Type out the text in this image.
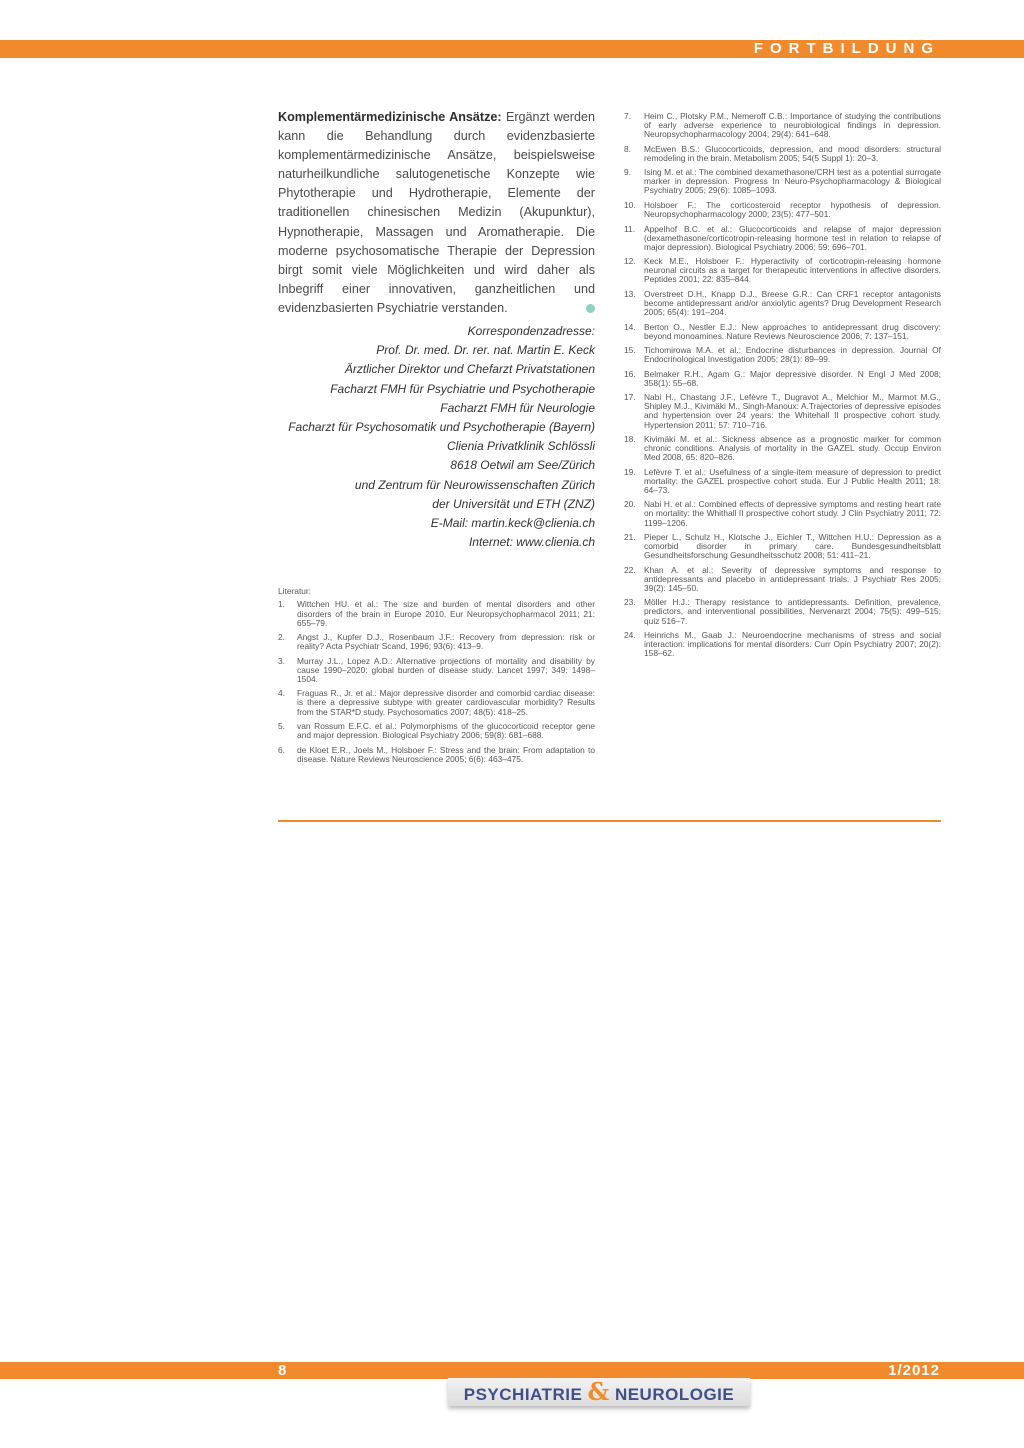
FORTBILDUNG

Komplementärmedizinische Ansätze: Ergänzt werden kann die Behandlung durch evidenzbasierte komplementärmedizinische Ansätze, beispielsweise naturheilkundliche salutogenetische Konzepte wie Phytotherapie und Hydrotherapie, Elemente der traditionellen chinesischen Medizin (Akupunktur), Hypnotherapie, Massagen und Aromatherapie. Die moderne psychosomatische Therapie der Depression birgt somit viele Möglichkeiten und wird daher als Inbegriff einer innovativen, ganzheitlichen und evidenzbasierten Psychiatrie verstanden.

Korrespondenzadresse:
Prof. Dr. med. Dr. rer. nat. Martin E. Keck
Ärztlicher Direktor und Chefarzt Privatstationen
Facharzt FMH für Psychiatrie und Psychotherapie
Facharzt FMH für Neurologie
Facharzt für Psychosomatik und Psychotherapie (Bayern)
Clienia Privatklinik Schlössli
8618 Oetwil am See/Zürich
und Zentrum für Neurowissenschaften Zürich
der Universität und ETH (ZNZ)
E-Mail: martin.keck@clienia.ch
Internet: www.clienia.ch
Literatur:
1. Wittchen HU. et al.: The size and burden of mental disorders and other disorders of the brain in Europe 2010. Eur Neuropsychopharmacol 2011; 21: 655–79.
2. Angst J., Kupfer D.J., Rosenbaum J.F.: Recovery from depression: risk or reality? Acta Psychiatr Scand, 1996; 93(6): 413–9.
3. Murray J.L., Lopez A.D.: Alternative projections of mortality and disability by cause 1990–2020: global burden of disease study. Lancet 1997; 349: 1498–1504.
4. Fraguas R., Jr. et al.: Major depressive disorder and comorbid cardiac disease: is there a depressive subtype with greater cardiovascular morbidity? Results from the STAR*D study. Psychosomatics 2007; 48(5): 418–25.
5. van Rossum E.F.C. et al.: Polymorphisms of the glucocorticoid receptor gene and major depression. Biological Psychiatry 2006; 59(8): 681–688.
6. de Kloet E.R., Joels M., Holsboer F.: Stress and the brain: From adaptation to disease. Nature Reviews Neuroscience 2005; 6(6): 463–475.
7. Heim C., Plotsky P.M., Nemeroff C.B.: Importance of studying the contributions of early adverse experience to neurobiological findings in depression. Neuropsychopharmacology 2004; 29(4): 641–648.
8. McEwen B.S.: Glucocorticoids, depression, and mood disorders: structural remodeling in the brain. Metabolism 2005; 54(5 Suppl 1): 20–3.
9. Ising M. et al.: The combined dexamethasone/CRH test as a potential surrogate marker in depression. Progress In Neuro-Psychopharmacology & Biological Psychiatry 2005; 29(6): 1085–1093.
10. Holsboer F.: The corticosteroid receptor hypothesis of depression. Neuropsychopharmacology 2000; 23(5): 477–501.
11. Appelhof B.C. et al.: Glucocorticoids and relapse of major depression (dexamethasone/corticotropin-releasing hormone test in relation to relapse of major depression). Biological Psychiatry 2006; 59: 696–701.
12. Keck M.E., Holsboer F.: Hyperactivity of corticotropin-releasing hormone neuronal circuits as a target for therapeutic interventions in affective disorders. Peptides 2001; 22: 835–844.
13. Overstreet D.H., Knapp D.J., Breese G.R.: Can CRF1 receptor antagonists become antidepressant and/or anxiolytic agents? Drug Development Research 2005; 65(4): 191–204.
14. Berton O., Nestler E.J.: New approaches to antidepressant drug discovery: beyond monoamines. Nature Reviews Neuroscience 2006; 7: 137–151.
15. Tichomirowa M.A. et al.: Endocrine disturbances in depression. Journal Of Endocrinological Investigation 2005; 28(1): 89–99.
16. Belmaker R.H., Agam G.: Major depressive disorder. N Engl J Med 2008; 358(1): 55–68.
17. Nabi H., Chastang J.F., Lefèvre T., Dugravot A., Melchior M., Marmot M.G., Shipley M.J., Kivimäki M., Singh-Manoux: A.Trajectories of depressive episodes and hypertension over 24 years: the Whitehall II prospective cohort study. Hypertension 2011; 57: 710–716.
18. Kivimäki M. et al.: Sickness absence as a prognostic marker for common chronic conditions. Analysis of mortality in the GAZEL study. Occup Environ Med 2008, 65: 820–826.
19. Lefèvre T. et al.: Usefulness of a single-item measure of depression to predict mortality: the GAZEL prospective cohort studa. Eur J Public Health 2011; 18: 64–73.
20. Nabi H. et al.: Combined effects of depressive symptoms and resting heart rate on mortality: the Whithall II prospective cohort study. J Clin Psychiatry 2011; 72: 1199–1206.
21. Pieper L., Schulz H., Klotsche J., Eichler T., Wittchen H.U.: Depression as a comorbid disorder in primary care. Bundesgesundheitsblatt Gesundheitsforschung Gesundheitsschutz 2008; 51: 411–21.
22. Khan A. et al.: Severity of depressive symptoms and response to antidepressants and placebo in antidepressant trials. J Psychiatr Res 2005; 39(2): 145–50.
23. Möller H.J.: Therapy resistance to antidepressants. Definition, prevalence, predictors, and interventional possibilities, Nervenarzt 2004; 75(5): 499–515; quiz 516–7.
24. Heinrichs M., Gaab J.: Neuroendocrine mechanisms of stress and social interaction: implications for mental disorders. Curr Opin Psychiatry 2007; 20(2): 158–62.
8	1/2012
PSYCHIATRIE & NEUROLOGIE
